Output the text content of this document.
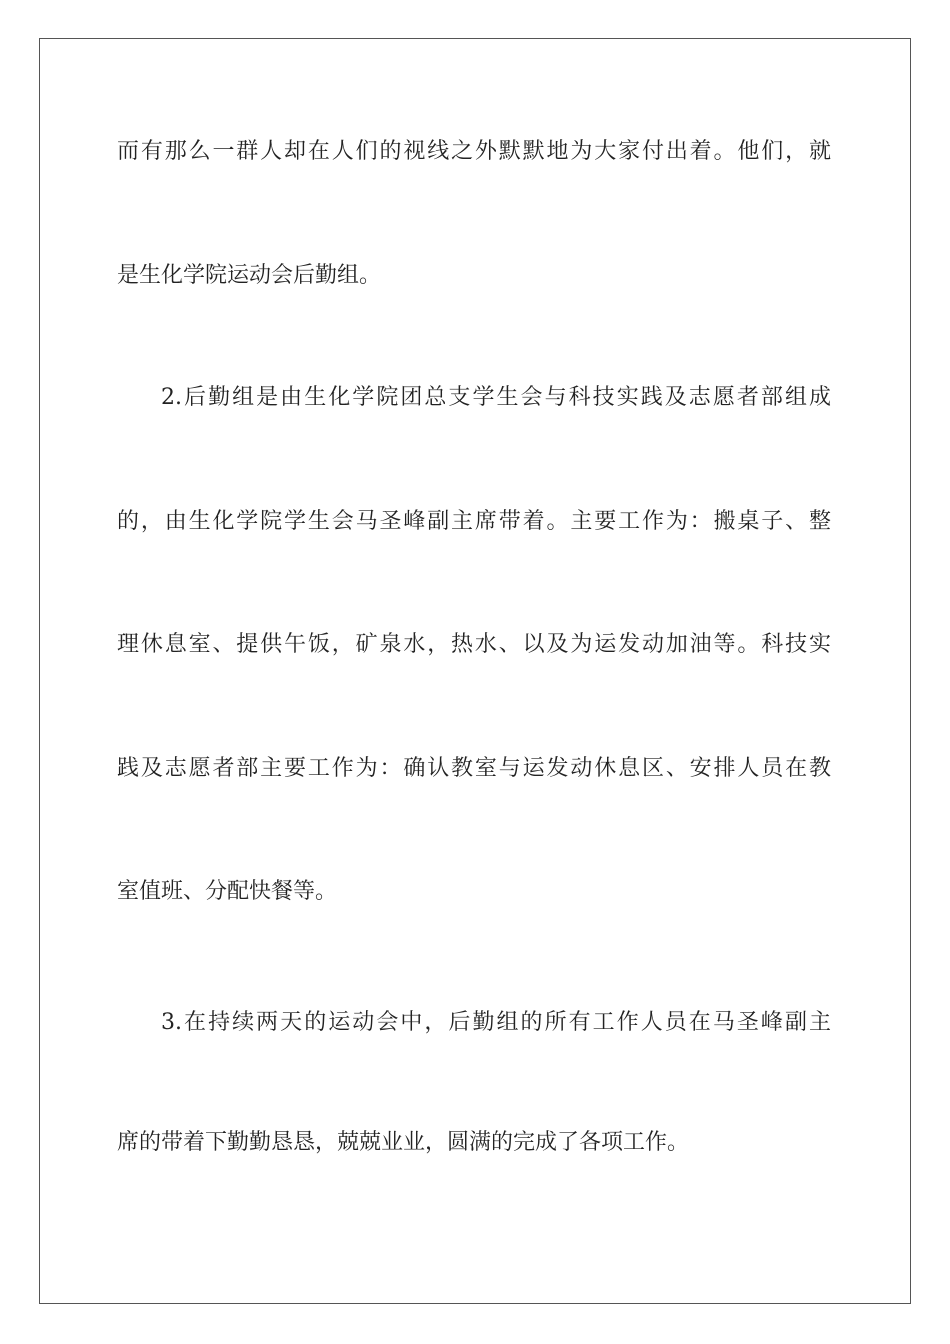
而有那么一群人却在人们的视线之外默默地为大家付出着。他们，就
是生化学院运动会后勤组。
2.后勤组是由生化学院团总支学生会与科技实践及志愿者部组成
的，由生化学院学生会马圣峰副主席带着。主要工作为：搬桌子、整
理休息室、提供午饭，矿泉水，热水、以及为运发动加油等。科技实
践及志愿者部主要工作为：确认教室与运发动休息区、安排人员在教
室值班、分配快餐等。
3.在持续两天的运动会中，后勤组的所有工作人员在马圣峰副主
席的带着下勤勤恳恳，兢兢业业，圆满的完成了各项工作。
